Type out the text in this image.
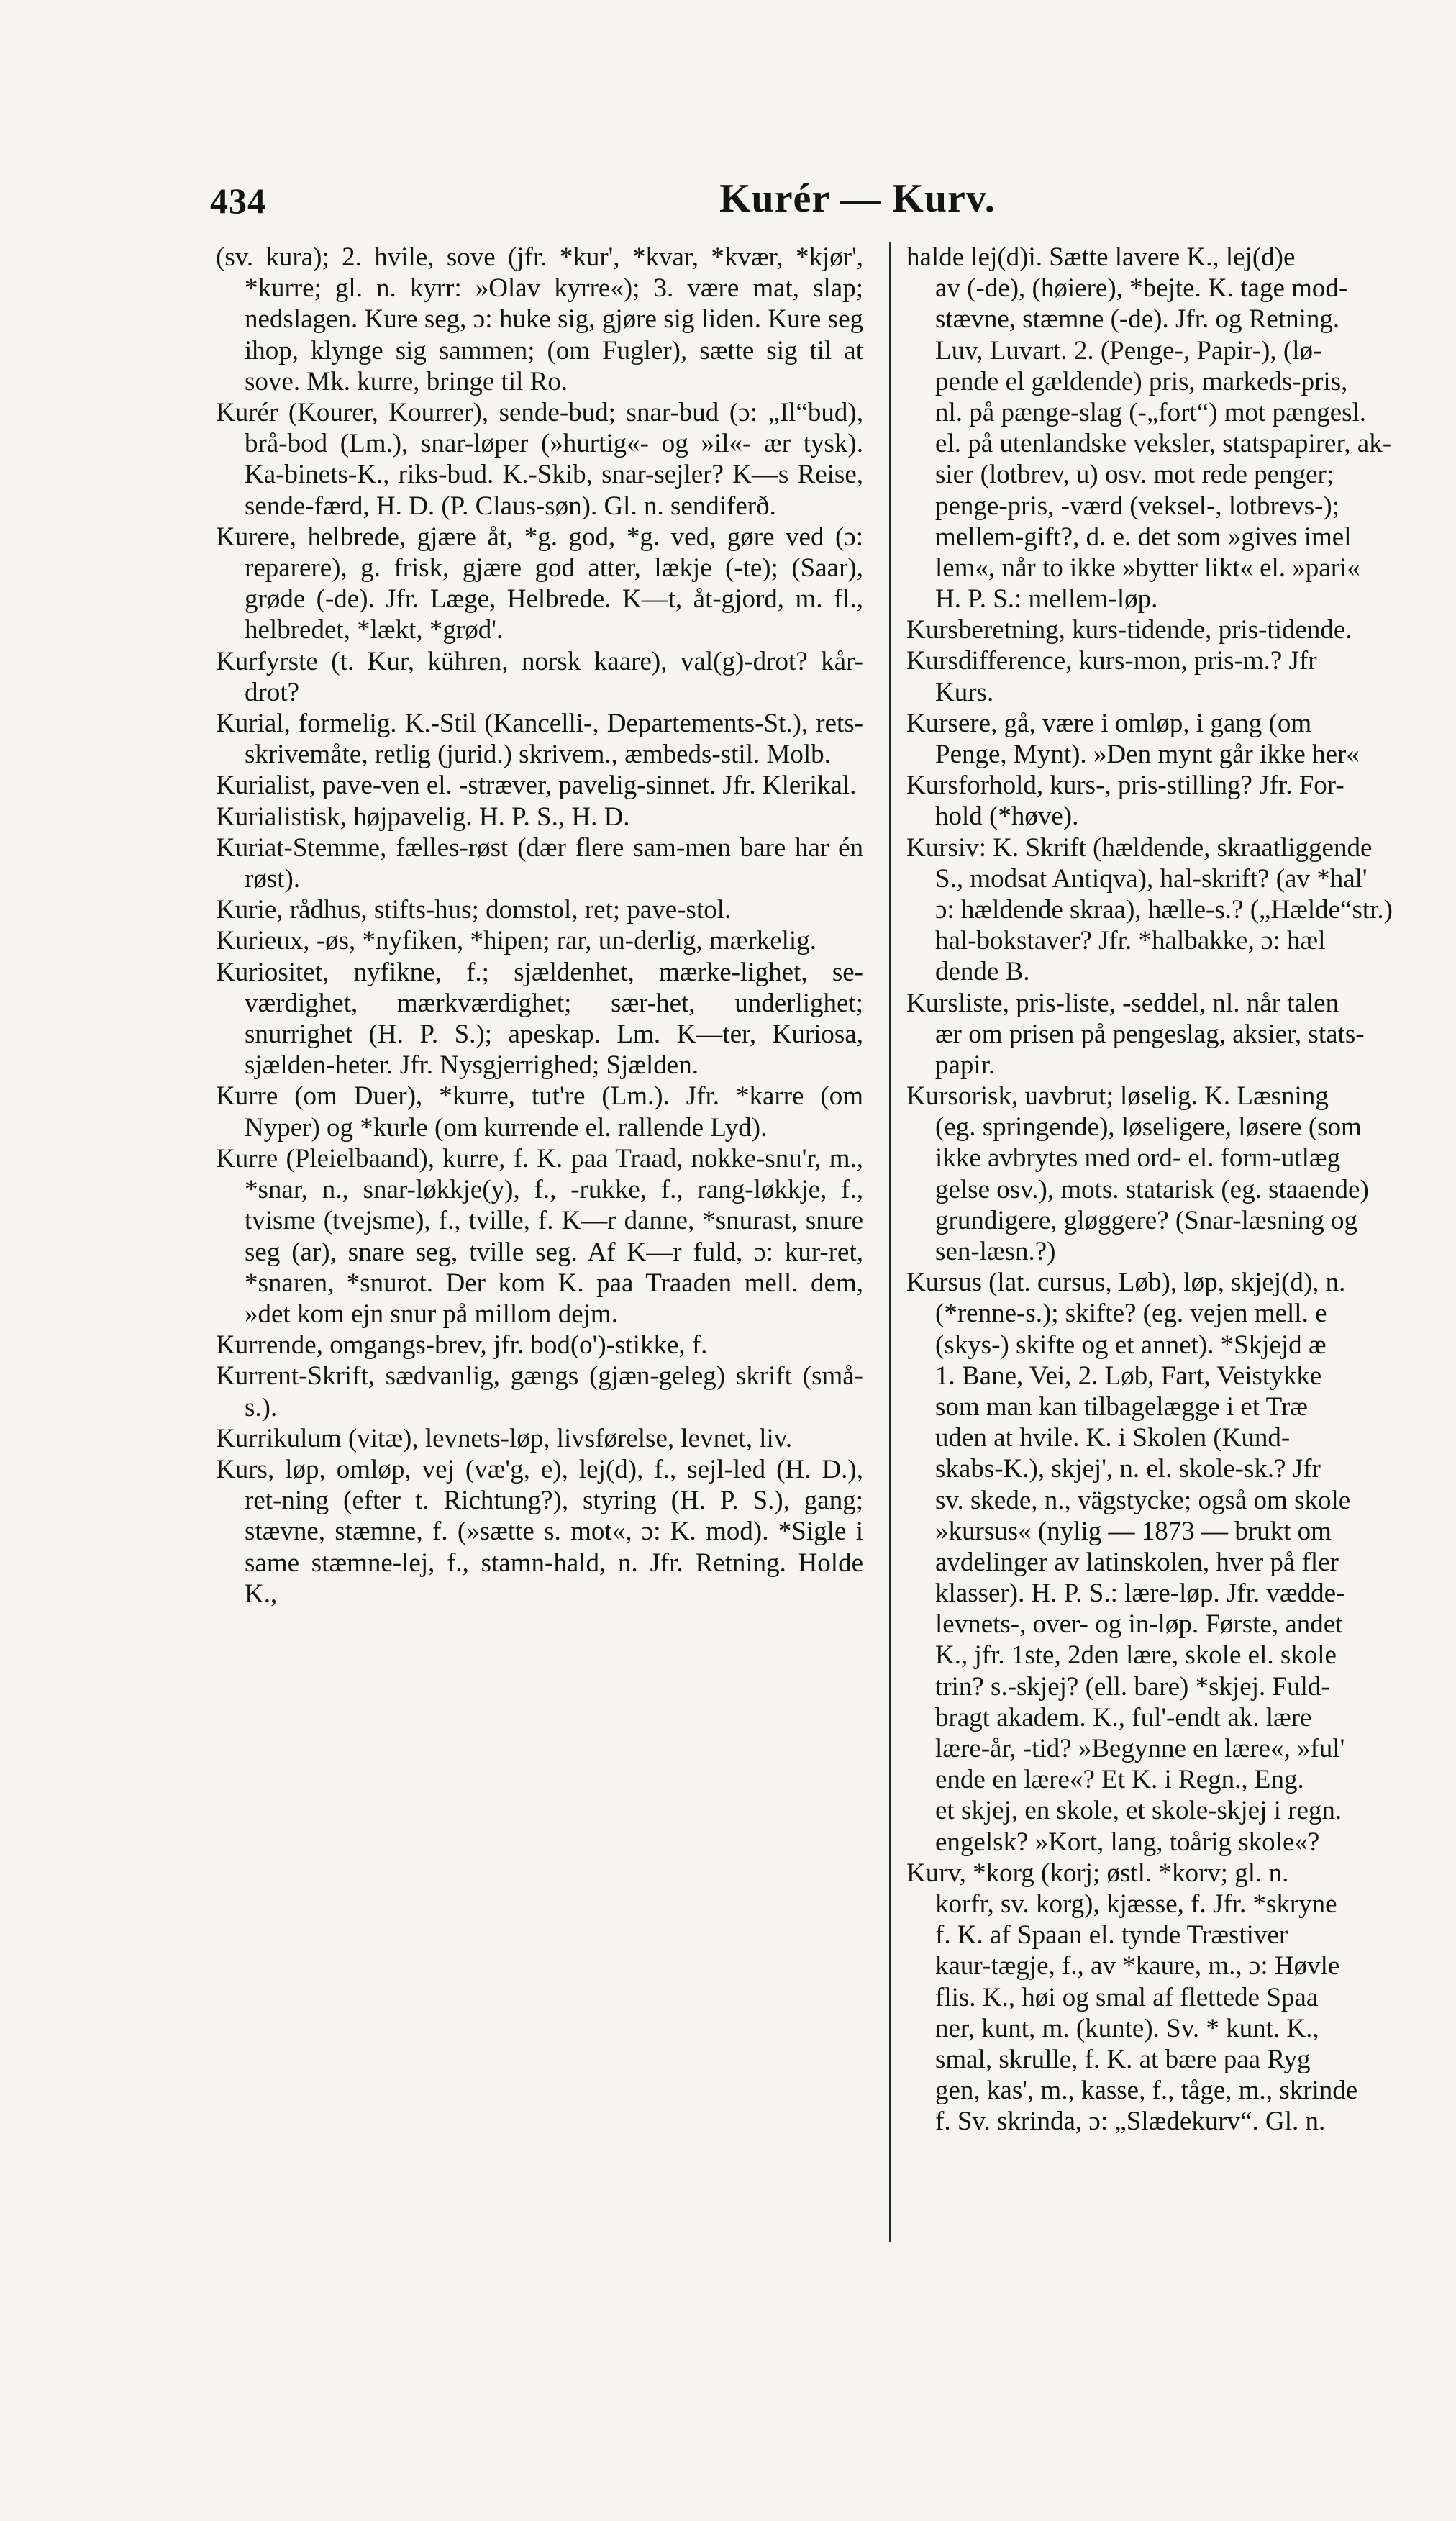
434	Kurér — Kurv.
(sv. kura); 2. hvile, sove (jfr. *kur', *kvar, *kvær, *kjør', *kurre; gl. n. kyrr: »Olav kyrre«); 3. være mat, slap; nedslagen. Kure seg, ɔ: huke sig, gjøre sig liden. Kure seg ihop, klynge sig sammen; (om Fugler), sætte sig til at sove. Mk. kurre, bringe til Ro.
Kurér (Kourer, Kourrer), sende-bud; snar-bud (ɔ: „Il“bud), brå-bod (Lm.), snar-løper (»hurtig«- og »il«- ær tysk). Ka-binets-K., riks-bud. K.-Skib, snar-sejler? K—s Reise, sende-færd, H. D. (P. Claus-søn). Gl. n. sendiferð.
Kurere, helbrede, gjære åt, *g. god, *g. ved, gøre ved (ɔ: reparere), g. frisk, gjære god atter, lækje (-te); (Saar), grøde (-de). Jfr. Læge, Helbrede. K—t, åt-gjord, m. fl., helbredet, *lækt, *grød'.
Kurfyrste (t. Kur, kühren, norsk kaare), val(g)-drot? kår-drot?
Kurial, formelig. K.-Stil (Kancelli-, Departements-St.), rets-skrivemåte, retlig (jurid.) skrivem., æmbeds-stil. Molb.
Kurialist, pave-ven el. -stræver, pavelig-sinnet. Jfr. Klerikal.
Kurialistisk, højpavelig. H. P. S., H. D.
Kuriat-Stemme, fælles-røst (dær flere sam-men bare har én røst).
Kurie, rådhus, stifts-hus; domstol, ret; pave-stol.
Kurieux, -øs, *nyfiken, *hipen; rar, un-derlig, mærkelig.
Kuriositet, nyfikne, f.; sjældenhet, mærke-lighet, se-værdighet, mærkværdighet; sær-het, underlighet; snurrighet (H. P. S.); apeskap. Lm. K—ter, Kuriosa, sjælden-heter. Jfr. Nysgjerrighed; Sjælden.
Kurre (om Duer), *kurre, tut're (Lm.). Jfr. *karre (om Nyper) og *kurle (om kurrende el. rallende Lyd).
Kurre (Pleielbaand), kurre, f. K. paa Traad, nokke-snu'r, m., *snar, n., snar-løkkje(y), f., -rukke, f., rang-løkkje, f., tvisme (tvejsme), f., tville, f. K—r danne, *snurast, snure seg (ar), snare seg, tville seg. Af K—r fuld, ɔ: kur-ret, *snaren, *snurot. Der kom K. paa Traaden mell. dem, »det kom ejn snur på millom dejm.
Kurrende, omgangs-brev, jfr. bod(o')-stikke, f.
Kurrent-Skrift, sædvanlig, gængs (gjæn-geleg) skrift (små-s.).
Kurrikulum (vitæ), levnets-løp, livsførelse, levnet, liv.
Kurs, løp, omløp, vej (væ'g, e), lej(d), f., sejl-led (H. D.), ret-ning (efter t. Richtung?), styring (H. P. S.), gang; stævne, stæmne, f. (»sætte s. mot«, ɔ: K. mod). *Sigle i same stæmne-lej, f., stamn-hald, n. Jfr. Retning. Holde K.,
halde lej(d)i. Sætte lavere K., lej(d)e
av (-de), (høiere), *bejte. K. tage mod-
stævne, stæmne (-de). Jfr. og Retning.
Luv, Luvart. 2. (Penge-, Papir-), (lø-
pende el gældende) pris, markeds-pris,
nl. på pænge-slag (-„fort“) mot pængesl.
el. på utenlandske veksler, statspapirer, ak-
sier (lotbrev, u) osv. mot rede penger;
penge-pris, -værd (veksel-, lotbrevs-);
mellem-gift?, d. e. det som »gives imel
lem«, når to ikke »bytter likt« el. »pari«
H. P. S.: mellem-løp.
Kursberetning, kurs-tidende, pris-tidende.
Kursdifference, kurs-mon, pris-m.? Jfr
Kurs.
Kursere, gå, være i omløp, i gang (om
Penge, Mynt). »Den mynt går ikke her«
Kursforhold, kurs-, pris-stilling? Jfr. For-
hold (*høve).
Kursiv: K. Skrift (hældende, skraatliggende
S., modsat Antiqva), hal-skrift? (av *hal'
ɔ: hældende skraa), hælle-s.? („Hælde“str.)
hal-bokstaver? Jfr. *halbakke, ɔ: hæl
dende B.
Kursliste, pris-liste, -seddel, nl. når talen
ær om prisen på pengeslag, aksier, stats-
papir.
Kursorisk, uavbrut; løselig. K. Læsning
(eg. springende), løseligere, løsere (som
ikke avbrytes med ord- el. form-utlæg
gelse osv.), mots. statarisk (eg. staaende)
grundigere, gløggere? (Snar-læsning og
sen-læsn.?)
Kursus (lat. cursus, Løb), løp, skjej(d), n.
(*renne-s.); skifte? (eg. vejen mell. e
(skys-) skifte og et annet). *Skjejd æ
1. Bane, Vei, 2. Løb, Fart, Veistykke
som man kan tilbagelægge i et Træ
uden at hvile. K. i Skolen (Kund-
skabs-K.), skjej', n. el. skole-sk.? Jfr
sv. skede, n., vägstycke; også om skole
»kursus« (nylig — 1873 — brukt om
avdelinger av latinskolen, hver på fler
klasser). H. P. S.: lære-løp. Jfr. vædde-
levnets-, over- og in-løp. Første, andet
K., jfr. 1ste, 2den lære, skole el. skole
trin? s.-skjej? (ell. bare) *skjej. Fuld-
bragt akadem. K., ful'-endt ak. lære
lære-år, -tid? »Begynne en lære«, »ful'
ende en lære«? Et K. i Regn., Eng.
et skjej, en skole, et skole-skjej i regn.
engelsk? »Kort, lang, toårig skole«?
Kurv, *korg (korj; østl. *korv; gl. n.
korfr, sv. korg), kjæsse, f. Jfr. *skryne
f. K. af Spaan el. tynde Træstiver
kaur-tægje, f., av *kaure, m., ɔ: Høvle
flis. K., høi og smal af flettede Spaa
ner, kunt, m. (kunte). Sv. * kunt. K.,
smal, skrulle, f. K. at bære paa Ryg
gen, kas', m., kasse, f., tåge, m., skrinde
f. Sv. skrinda, ɔ: „Slædekurv“. Gl. n.
